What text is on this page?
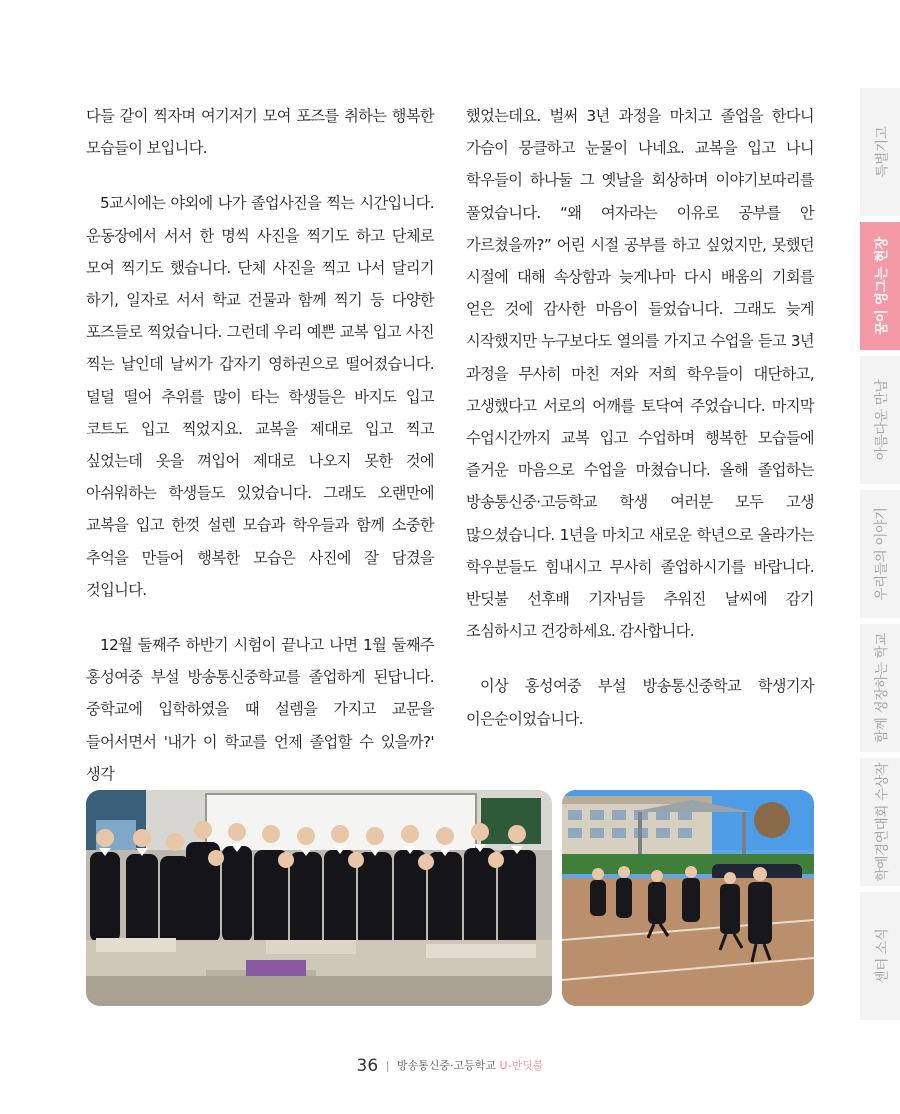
다들 같이 찍자며 여기저기 모여 포즈를 취하는 행복한 모습들이 보입니다.

5교시에는 야외에 나가 졸업사진을 찍는 시간입니다. 운동장에서 서서 한 명씩 사진을 찍기도 하고 단체로 모여 찍기도 했습니다. 단체 사진을 찍고 나서 달리기 하기, 일자로 서서 학교 건물과 함께 찍기 등 다양한 포즈들로 찍었습니다. 그런데 우리 예쁜 교복 입고 사진 찍는 날인데 날씨가 갑자기 영하권으로 떨어졌습니다. 덜덜 떨어 추위를 많이 타는 학생들은 바지도 입고 코트도 입고 찍었지요. 교복을 제대로 입고 찍고 싶었는데 옷을 껴입어 제대로 나오지 못한 것에 아쉬워하는 학생들도 있었습니다. 그래도 오랜만에 교복을 입고 한껏 설렌 모습과 학우들과 함께 소중한 추억을 만들어 행복한 모습은 사진에 잘 담겼을 것입니다.

12월 둘째주 하반기 시험이 끝나고 나면 1월 둘째주 홍성여중 부설 방송통신중학교를 졸업하게 된답니다. 중학교에 입학하였을 때 설렘을 가지고 교문을 들어서면서 '내가 이 학교를 언제 졸업할 수 있을까?' 생각

했었는데요. 벌써 3년 과정을 마치고 졸업을 한다니 가슴이 뭉클하고 눈물이 나네요. 교복을 입고 나니 학우들이 하나둘 그 옛날을 회상하며 이야기보따리를 풀었습니다. “왜 여자라는 이유로 공부를 안 가르쳤을까?” 어린 시절 공부를 하고 싶었지만, 못했던 시절에 대해 속상함과 늦게나마 다시 배움의 기회를 얻은 것에 감사한 마음이 들었습니다. 그래도 늦게 시작했지만 누구보다도 열의를 가지고 수업을 듣고 3년 과정을 무사히 마친 저와 저희 학우들이 대단하고, 고생했다고 서로의 어깨를 토닥여 주었습니다. 마지막 수업시간까지 교복 입고 수업하며 행복한 모습들에 즐거운 마음으로 수업을 마쳤습니다. 올해 졸업하는 방송통신중·고등학교 학생 여러분 모두 고생 많으셨습니다. 1년을 마치고 새로운 학년으로 올라가는 학우분들도 힘내시고 무사히 졸업하시기를 바랍니다. 반딧불 선후배 기자님들 추워진 날씨에 감기 조심하시고 건강하세요. 감사합니다.

이상 홍성여중 부설 방송통신중학교 학생기자 이은순이었습니다.

특별기고
꿈이 영그는 현장
아름다운 만남
우리들의 이야기
함께 성장하는 학교
학예경연대회 수상작
센터 소식
36 | 방송통신중·고등학교 U-반딧불
